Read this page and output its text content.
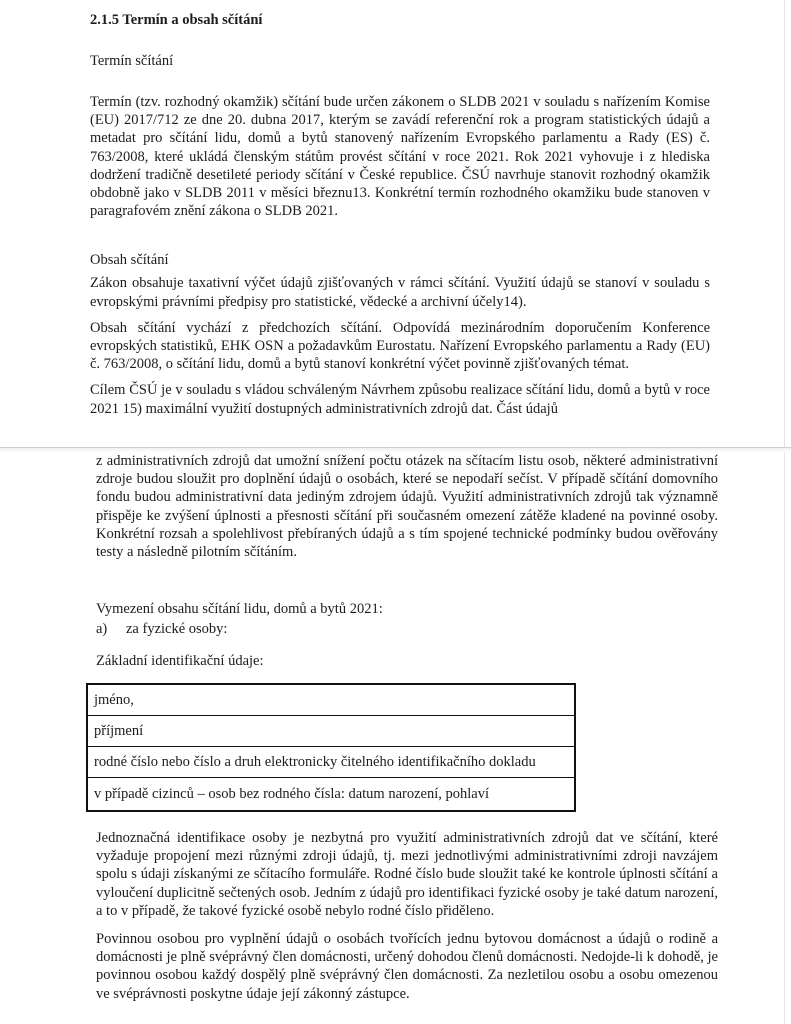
2.1.5 Termín a obsah sčítání
Termín sčítání

Termín (tzv. rozhodný okamžik) sčítání bude určen zákonem o SLDB 2021 v souladu s nařízením Komise (EU) 2017/712 ze dne 20. dubna 2017, kterým se zavádí referenční rok a program statistických údajů a metadat pro sčítání lidu, domů a bytů stanovený nařízením Evropského parlamentu a Rady (ES) č. 763/2008, které ukládá členským státům provést sčítání v roce 2021. Rok 2021 vyhovuje i z hlediska dodržení tradičně desetileté periody sčítání v České republice. ČSÚ navrhuje stanovit rozhodný okamžik obdobně jako v SLDB 2011 v měsíci březnu13. Konkrétní termín rozhodného okamžiku bude stanoven v paragrafovém znění zákona o SLDB 2021.

Obsah sčítání

Zákon obsahuje taxativní výčet údajů zjišťovaných v rámci sčítání. Využití údajů se stanoví v souladu s evropskými právními předpisy pro statistické, vědecké a archivní účely14).

Obsah sčítání vychází z předchozích sčítání. Odpovídá mezinárodním doporučením Konference evropských statistiků, EHK OSN a požadavkům Eurostatu. Nařízení Evropského parlamentu a Rady (EU) č. 763/2008, o sčítání lidu, domů a bytů stanoví konkrétní výčet povinně zjišťovaných témat.

Cílem ČSÚ je v souladu s vládou schváleným Návrhem způsobu realizace sčítání lidu, domů a bytů v roce 2021 15) maximální využití dostupných administrativních zdrojů dat. Část údajů

z administrativních zdrojů dat umožní snížení počtu otázek na sčítacím listu osob, některé administrativní zdroje budou sloužit pro doplnění údajů o osobách, které se nepodaří sečíst. V případě sčítání domovního fondu budou administrativní data jediným zdrojem údajů. Využití administrativních zdrojů tak významně přispěje ke zvýšení úplnosti a přesnosti sčítání při současném omezení zátěže kladené na povinné osoby. Konkrétní rozsah a spolehlivost přebíraných údajů a s tím spojené technické podmínky budou ověřovány testy a následně pilotním sčítáním.

Vymezení obsahu sčítání lidu, domů a bytů 2021:
a) za fyzické osoby:
Základní identifikační údaje:
jméno,
příjmení
rodné číslo nebo číslo a druh elektronicky čitelného identifikačního dokladu
v případě cizinců – osob bez rodného čísla: datum narození, pohlaví

Jednoznačná identifikace osoby je nezbytná pro využití administrativních zdrojů dat ve sčítání, které vyžaduje propojení mezi různými zdroji údajů, tj. mezi jednotlivými administrativními zdroji navzájem spolu s údaji získanými ze sčítacího formuláře. Rodné číslo bude sloužit také ke kontrole úplnosti sčítání a vyloučení duplicitně sečtených osob. Jedním z údajů pro identifikaci fyzické osoby je také datum narození, a to v případě, že takové fyzické osobě nebylo rodné číslo přiděleno.

Povinnou osobou pro vyplnění údajů o osobách tvořících jednu bytovou domácnost a údajů o rodině a domácnosti je plně svéprávný člen domácnosti, určený dohodou členů domácnosti. Nedojde-li k dohodě, je povinnou osobou každý dospělý plně svéprávný člen domácnosti. Za nezletilou osobu a osobu omezenou ve svéprávnosti poskytne údaje její zákonný zástupce.
